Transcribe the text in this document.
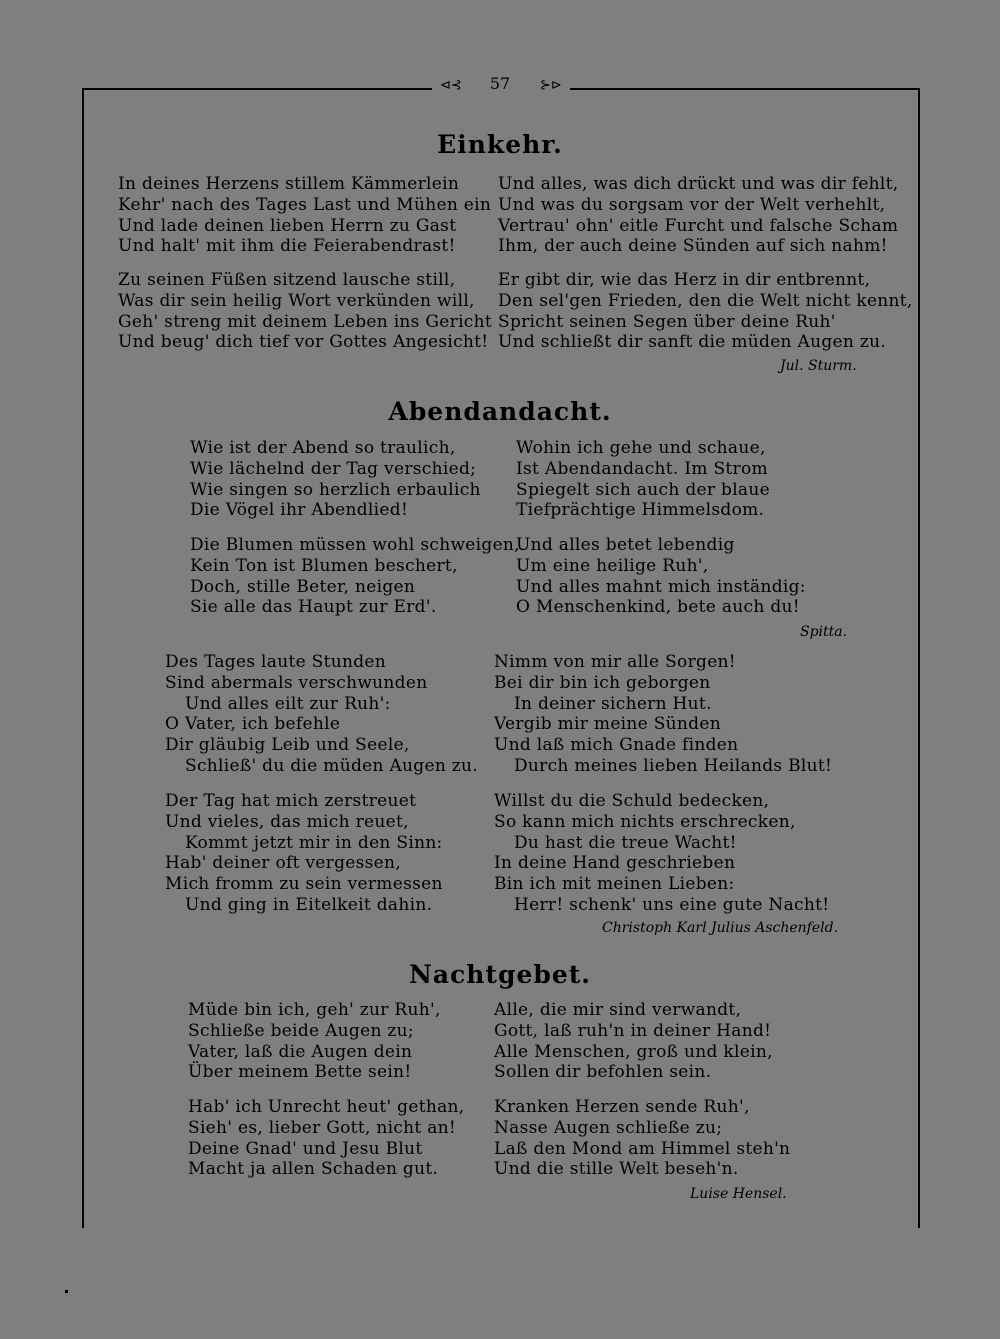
⊲⊰	57	⊱⊳
Einkehr.
In deines Herzens stillem Kämmerlein
Kehr' nach des Tages Last und Mühen ein
Und lade deinen lieben Herrn zu Gast
Und halt' mit ihm die Feierabendrast!
Und alles, was dich drückt und was dir fehlt,
Und was du sorgsam vor der Welt verhehlt,
Vertrau' ohn' eitle Furcht und falsche Scham
Ihm, der auch deine Sünden auf sich nahm!
Zu seinen Füßen sitzend lausche still,
Was dir sein heilig Wort verkünden will,
Geh' streng mit deinem Leben ins Gericht
Und beug' dich tief vor Gottes Angesicht!
Er gibt dir, wie das Herz in dir entbrennt,
Den sel'gen Frieden, den die Welt nicht kennt,
Spricht seinen Segen über deine Ruh'
Und schließt dir sanft die müden Augen zu.
Jul. Sturm.
Abendandacht.
Wie ist der Abend so traulich,
Wie lächelnd der Tag verschied;
Wie singen so herzlich erbaulich
Die Vögel ihr Abendlied!
Wohin ich gehe und schaue,
Ist Abendandacht. Im Strom
Spiegelt sich auch der blaue
Tiefprächtige Himmelsdom.
Die Blumen müssen wohl schweigen,
Kein Ton ist Blumen beschert,
Doch, stille Beter, neigen
Sie alle das Haupt zur Erd'.
Und alles betet lebendig
Um eine heilige Ruh',
Und alles mahnt mich inständig:
O Menschenkind, bete auch du!
Spitta.
Des Tages laute Stunden
Sind abermals verschwunden
Und alles eilt zur Ruh':
O Vater, ich befehle
Dir gläubig Leib und Seele,
Schließ' du die müden Augen zu.
Nimm von mir alle Sorgen!
Bei dir bin ich geborgen
In deiner sichern Hut.
Vergib mir meine Sünden
Und laß mich Gnade finden
Durch meines lieben Heilands Blut!
Der Tag hat mich zerstreuet
Und vieles, das mich reuet,
Kommt jetzt mir in den Sinn:
Hab' deiner oft vergessen,
Mich fromm zu sein vermessen
Und ging in Eitelkeit dahin.
Willst du die Schuld bedecken,
So kann mich nichts erschrecken,
Du hast die treue Wacht!
In deine Hand geschrieben
Bin ich mit meinen Lieben:
Herr! schenk' uns eine gute Nacht!
Christoph Karl Julius Aschenfeld.
Nachtgebet.
Müde bin ich, geh' zur Ruh',
Schließe beide Augen zu;
Vater, laß die Augen dein
Über meinem Bette sein!
Alle, die mir sind verwandt,
Gott, laß ruh'n in deiner Hand!
Alle Menschen, groß und klein,
Sollen dir befohlen sein.
Hab' ich Unrecht heut' gethan,
Sieh' es, lieber Gott, nicht an!
Deine Gnad' und Jesu Blut
Macht ja allen Schaden gut.
Kranken Herzen sende Ruh',
Nasse Augen schließe zu;
Laß den Mond am Himmel steh'n
Und die stille Welt beseh'n.
Luise Hensel.
